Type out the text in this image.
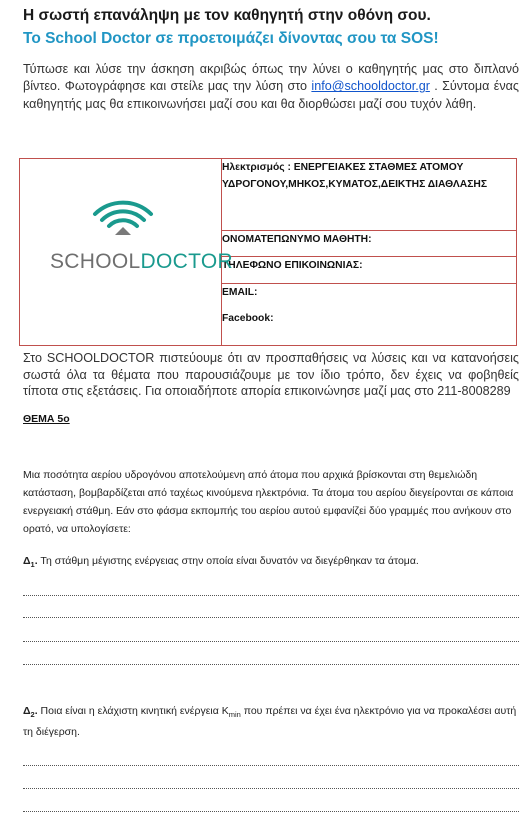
Η σωστή επανάληψη με τον καθηγητή στην οθόνη σου.
Το School Doctor σε προετοιμάζει δίνοντας σου τα SOS!
Τύπωσε και λύσε την άσκηση ακριβώς όπως την λύνει ο καθηγητής μας στο διπλανό βίντεο. Φωτογράφησε και στείλε μας την λύση στο info@schooldoctor.gr . Σύντομα ένας καθηγητής μας θα επικοινωνήσει μαζί σου και θα διορθώσει μαζί σου τυχόν λάθη.
SCHOOLDOCTOR
	Ηλεκτρισμός : ΕΝΕΡΓΕΙΑΚΕΣ ΣΤΑΘΜΕΣ ΑΤΟΜΟΥ ΥΔΡΟΓΟΝΟΥ,ΜΗΚΟΣ,ΚΥΜΑΤΟΣ,ΔΕΙΚΤΗΣ ΔΙΑΘΛΑΣΗΣ
ΟΝΟΜΑΤΕΠΩΝΥΜΟ ΜΑΘΗΤΗ:
ΤΗΛΕΦΩΝΟ ΕΠΙΚΟΙΝΩΝΙΑΣ:
EMAIL:
Facebook:
Στο SCHOOLDOCTOR πιστεύουμε ότι αν προσπαθήσεις να λύσεις και να κατανοήσεις σωστά όλα τα θέματα που παρουσιάζουμε με τον ίδιο τρόπο, δεν έχεις να φοβηθείς τίποτα στις εξετάσεις. Για οποιαδήποτε απορία επικοινώνησε μαζί μας στο 211-8008289
ΘΕΜΑ 5ο
Μια ποσότητα αερίου υδρογόνου αποτελούμενη από άτομα που αρχικά βρίσκονται στη θεμελιώδη κατάσταση, βομβαρδίζεται από ταχέως κινούμενα ηλεκτρόνια. Τα άτομα του αερίου διεγείρονται σε κάποια ενεργειακή στάθμη. Εάν στο φάσμα εκπομπής του αερίου αυτού εμφανίζεi δύο γραμμές που ανήκουν στο ορατό, να υπολογίσετε:
$\Delta_1$. Τη στάθμη μέγιστης ενέργειας στην οποία είναι δυνατόν να διεγέρθηκαν τα άτομα.
$\Delta_2$. Ποια είναι η ελάχιστη κινητική ενέργεια $K_{min}$ που πρέπει να έχει ένα ηλεκτρόνιο για να προκαλέσει αυτή τη διέγερση.
